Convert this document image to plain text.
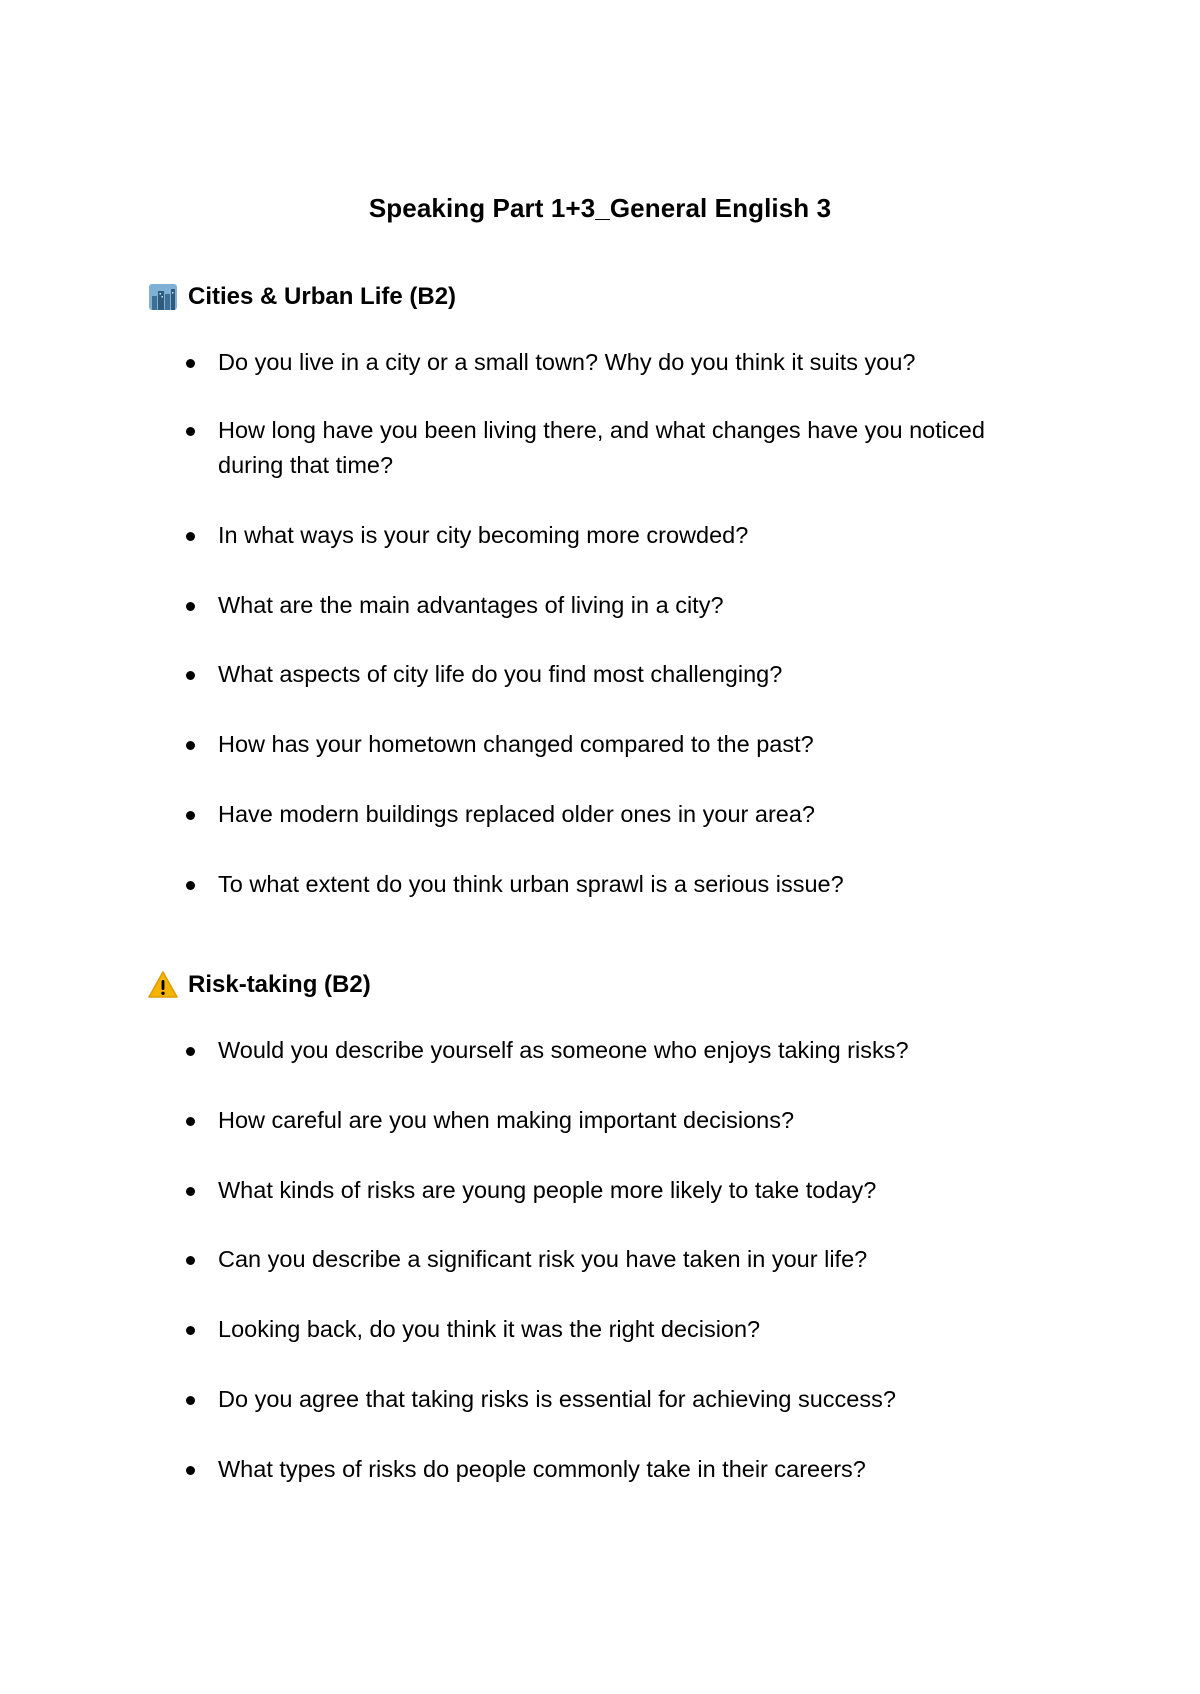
Speaking Part 1+3_General English 3
Cities & Urban Life (B2)
Do you live in a city or a small town? Why do you think it suits you?
How long have you been living there, and what changes have you noticed during that time?
In what ways is your city becoming more crowded?
What are the main advantages of living in a city?
What aspects of city life do you find most challenging?
How has your hometown changed compared to the past?
Have modern buildings replaced older ones in your area?
To what extent do you think urban sprawl is a serious issue?
Risk-taking (B2)
Would you describe yourself as someone who enjoys taking risks?
How careful are you when making important decisions?
What kinds of risks are young people more likely to take today?
Can you describe a significant risk you have taken in your life?
Looking back, do you think it was the right decision?
Do you agree that taking risks is essential for achieving success?
What types of risks do people commonly take in their careers?
